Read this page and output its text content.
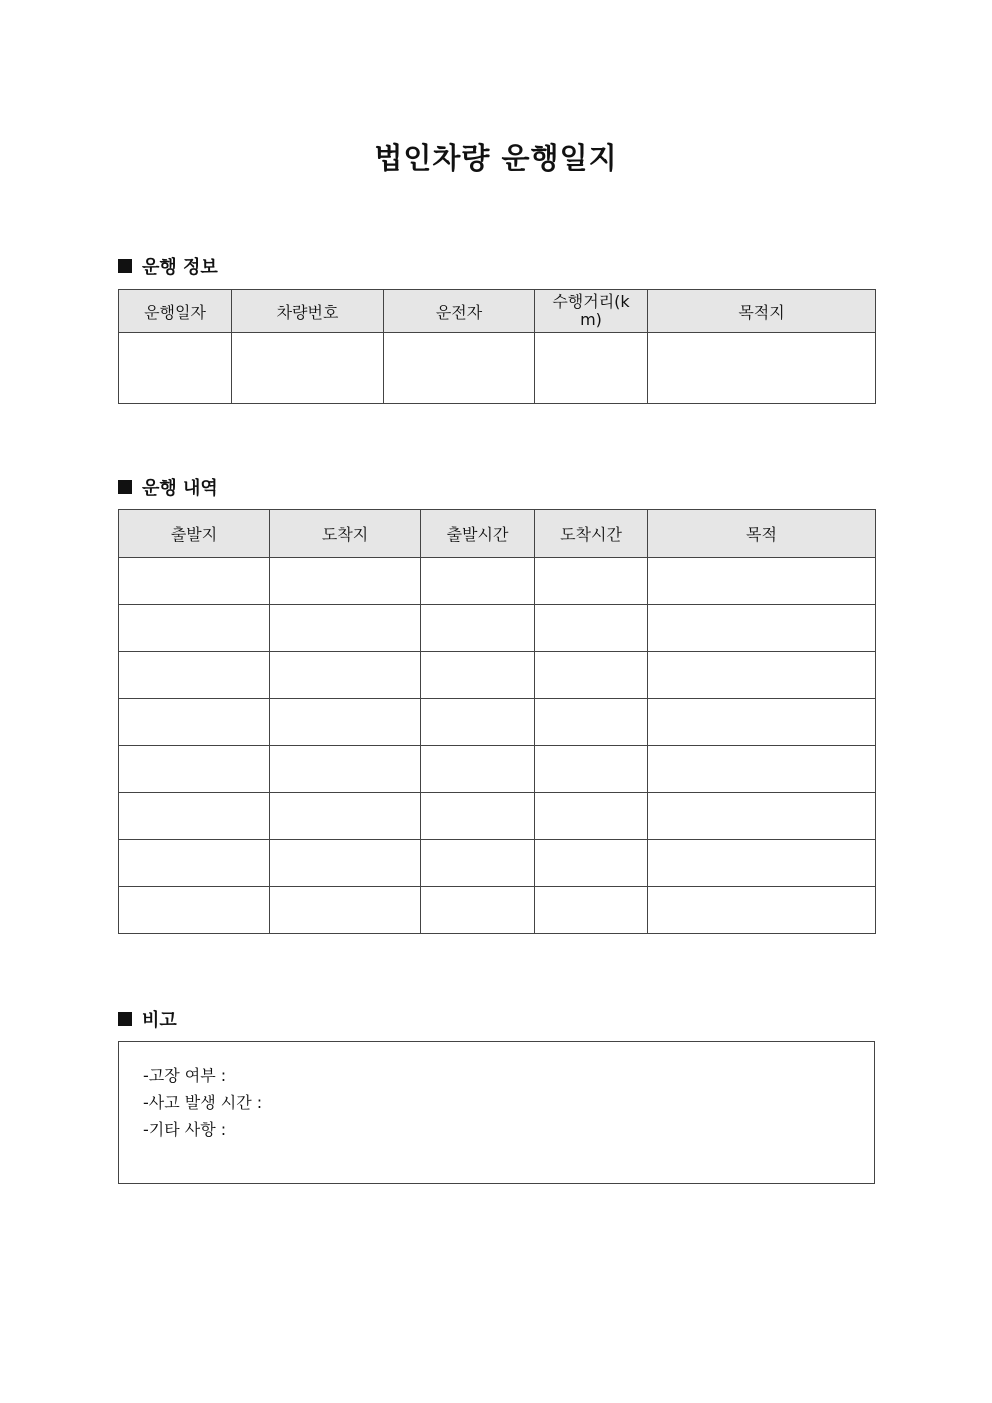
법인차량 운행일지
운행 정보
운행일자	차량번호	운전자	수행거리(km)	목적지

운행 내역
출발지	도착지	출발시간	도착시간	목적

비고
-고장 여부 :
-사고 발생 시간 :
-기타 사항 :
